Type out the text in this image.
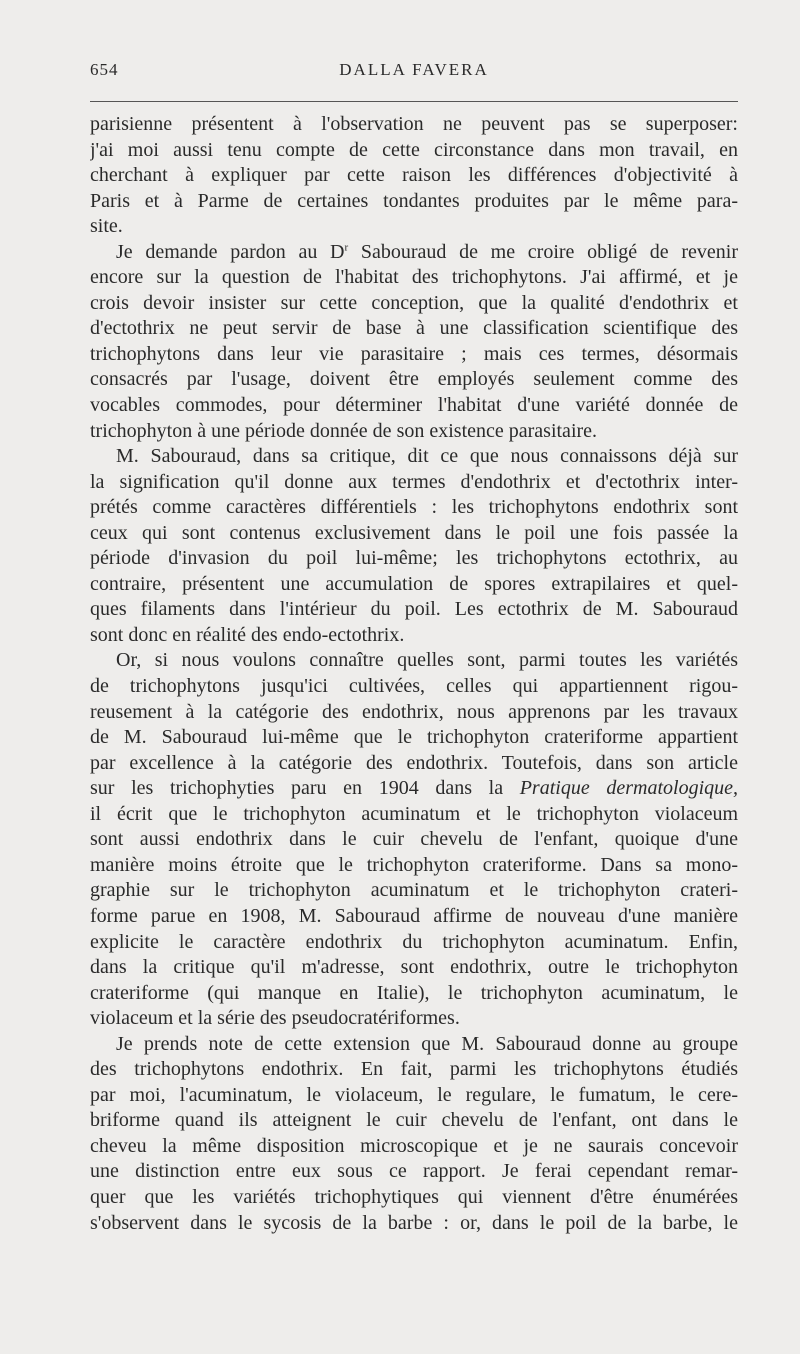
654	DALLA FAVERA
parisienne présentent à l'observation ne peuvent pas se superposer:
j'ai moi aussi tenu compte de cette circonstance dans mon travail, en
cherchant à expliquer par cette raison les différences d'objectivité à
Paris et à Parme de certaines tondantes produites par le même para-
site.
Je demande pardon au $D^r$ Sabouraud de me croire obligé de revenir
encore sur la question de l'habitat des trichophytons. J'ai affirmé, et je
crois devoir insister sur cette conception, que la qualité d'endothrix et
d'ectothrix ne peut servir de base à une classification scientifique des
trichophytons dans leur vie parasitaire ; mais ces termes, désormais
consacrés par l'usage, doivent être employés seulement comme des
vocables commodes, pour déterminer l'habitat d'une variété donnée de
trichophyton à une période donnée de son existence parasitaire.
M. Sabouraud, dans sa critique, dit ce que nous connaissons déjà sur
la signification qu'il donne aux termes d'endothrix et d'ectothrix inter-
prétés comme caractères différentiels : les trichophytons endothrix sont
ceux qui sont contenus exclusivement dans le poil une fois passée la
période d'invasion du poil lui-même; les trichophytons ectothrix, au
contraire, présentent une accumulation de spores extrapilaires et quel-
ques filaments dans l'intérieur du poil. Les ectothrix de M. Sabouraud
sont donc en réalité des endo-ectothrix.
Or, si nous voulons connaître quelles sont, parmi toutes les variétés
de trichophytons jusqu'ici cultivées, celles qui appartiennent rigou-
reusement à la catégorie des endothrix, nous apprenons par les travaux
de M. Sabouraud lui-même que le trichophyton crateriforme appartient
par excellence à la catégorie des endothrix. Toutefois, dans son article
sur les trichophyties paru en 1904 dans la Pratique dermatologique,
il écrit que le trichophyton acuminatum et le trichophyton violaceum
sont aussi endothrix dans le cuir chevelu de l'enfant, quoique d'une
manière moins étroite que le trichophyton crateriforme. Dans sa mono-
graphie sur le trichophyton acuminatum et le trichophyton crateri-
forme parue en 1908, M. Sabouraud affirme de nouveau d'une manière
explicite le caractère endothrix du trichophyton acuminatum. Enfin,
dans la critique qu'il m'adresse, sont endothrix, outre le trichophyton
crateriforme (qui manque en Italie), le trichophyton acuminatum, le
violaceum et la série des pseudocratériformes.
Je prends note de cette extension que M. Sabouraud donne au groupe
des trichophytons endothrix. En fait, parmi les trichophytons étudiés
par moi, l'acuminatum, le violaceum, le regulare, le fumatum, le cere-
briforme quand ils atteignent le cuir chevelu de l'enfant, ont dans le
cheveu la même disposition microscopique et je ne saurais concevoir
une distinction entre eux sous ce rapport. Je ferai cependant remar-
quer que les variétés trichophytiques qui viennent d'être énumérées
s'observent dans le sycosis de la barbe : or, dans le poil de la barbe, le
